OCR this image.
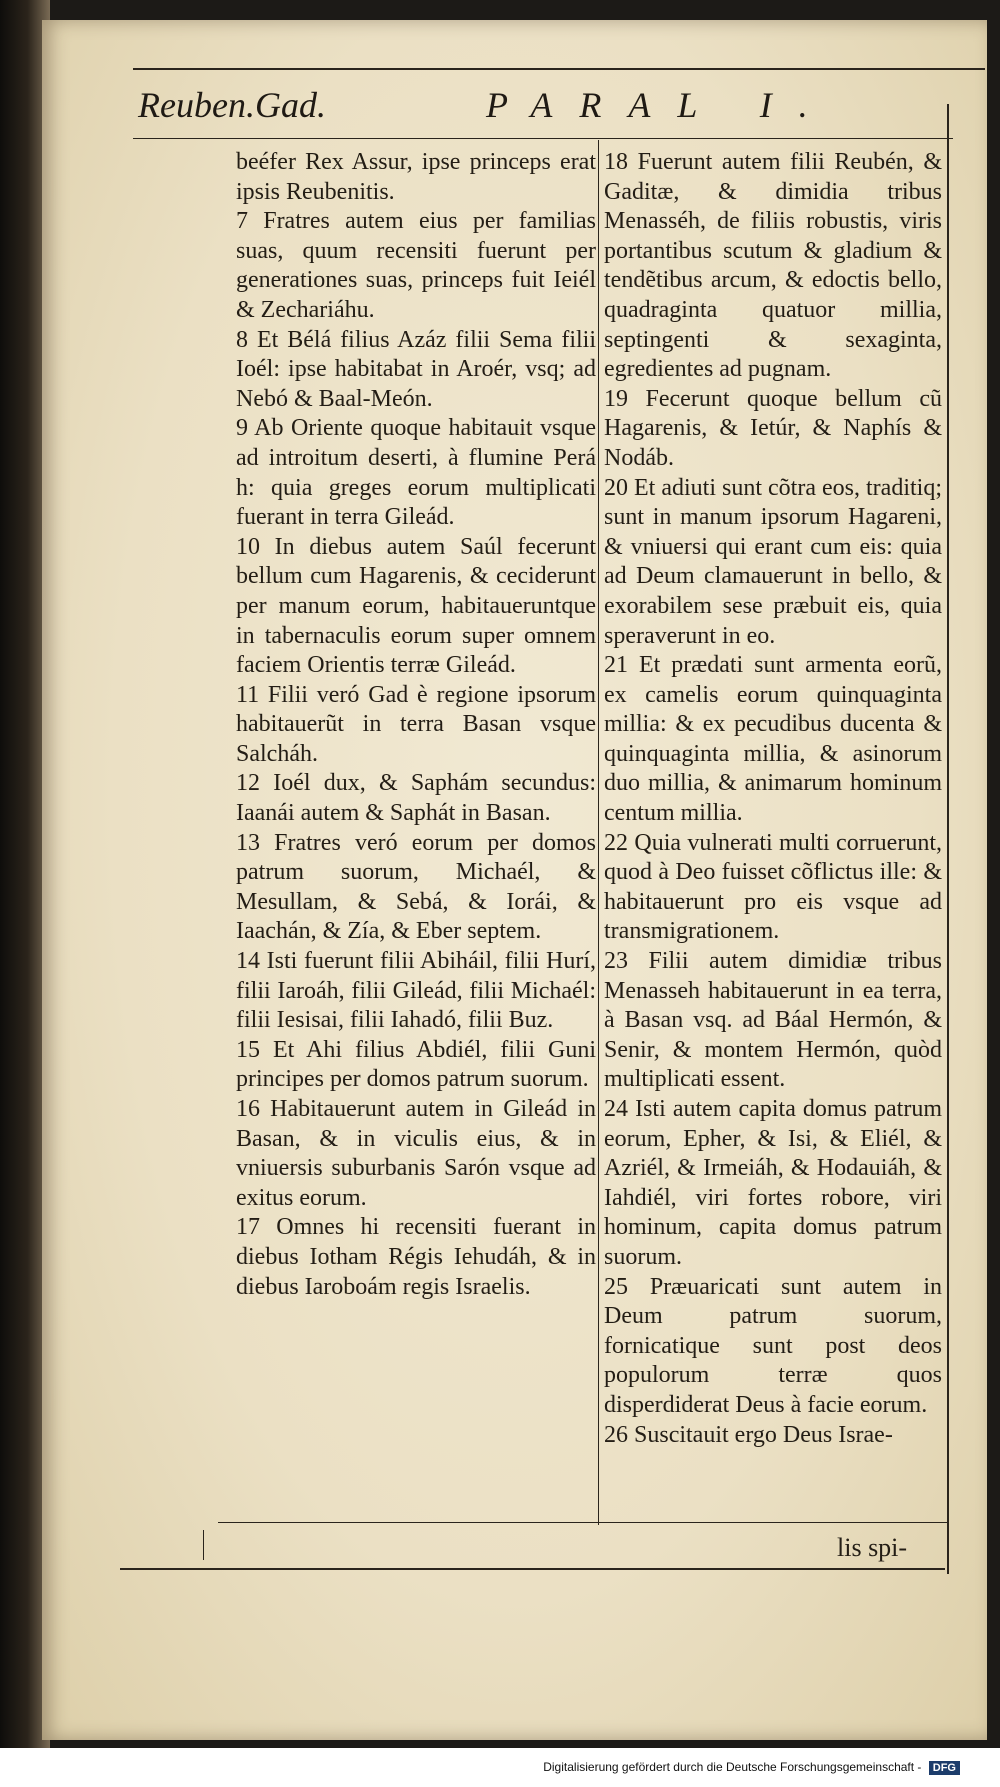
Reuben.Gad.	PARAL I.

beéfer Rex Assur, ipse princeps erat ipsis Reubenitis.

7 Fratres autem eius per familias suas, quum recensiti fuerunt per generationes suas, princeps fuit Ieiél & Zechariáhu.

8 Et Bélá filius Azáz filii Sema filii Ioél: ipse habitabat in Aroér, vsq; ad Nebó & Baal-Meón.

9 Ab Oriente quoque habitauit vsque ad introitum deserti, à flumine Perá h: quia greges eorum multiplicati fuerant in terra Gileád.

10 In diebus autem Saúl fecerunt bellum cum Hagarenis, & ceciderunt per manum eorum, habitaueruntque in tabernaculis eorum super omnem faciem Orientis terræ Gileád.

11 Filii veró Gad è regione ipsorum habitauerũt in terra Basan vsque Salcháh.

12 Ioél dux, & Saphám secundus: Iaanái autem & Saphát in Basan.

13 Fratres veró eorum per domos patrum suorum, Michaél, & Mesullam, & Sebá, & Iorái, & Iaachán, & Zía, & Eber septem.

14 Isti fuerunt filii Abiháil, filii Hurí, filii Iaroáh, filii Gileád, filii Michaél: filii Iesisai, filii Iahadó, filii Buz.

15 Et Ahi filius Abdiél, filii Guni principes per domos patrum suorum.

16 Habitauerunt autem in Gileád in Basan, & in viculis eius, & in vniuersis suburbanis Sarón vsque ad exitus eorum.

17 Omnes hi recensiti fuerant in diebus Iotham Régis Iehudáh, & in diebus Iaroboám regis Israelis.

18 Fuerunt autem filii Reubén, & Gaditæ, & dimidia tribus Menasséh, de filiis robustis, viris portantibus scutum & gladium & tendẽtibus arcum, & edoctis bello, quadraginta quatuor millia, septingenti & sexaginta, egredientes ad pugnam.

19 Fecerunt quoque bellum cũ Hagarenis, & Ietúr, & Naphís & Nodáb.

20 Et adiuti sunt cõtra eos, traditiq; sunt in manum ipsorum Hagareni, & vniuersi qui erant cum eis: quia ad Deum clamauerunt in bello, & exorabilem sese præbuit eis, quia speraverunt in eo.

21 Et prædati sunt armenta eorũ, ex camelis eorum quinquaginta millia: & ex pecudibus ducenta & quinquaginta millia, & asinorum duo millia, & animarum hominum centum millia.

22 Quia vulnerati multi corruerunt, quod à Deo fuisset cõflictus ille: & habitauerunt pro eis vsque ad transmigrationem.

23 Filii autem dimidiæ tribus Menasseh habitauerunt in ea terra, à Basan vsq. ad Báal Hermón, & Senir, & montem Hermón, quòd multiplicati essent.

24 Isti autem capita domus patrum eorum, Epher, & Isi, & Eliél, & Azriél, & Irmeiáh, & Hodauiáh, & Iahdiél, viri fortes robore, viri hominum, capita domus patrum suorum.

25 Præuaricati sunt autem in Deum patrum suorum, fornicatique sunt post deos populorum terræ quos disperdiderat Deus à facie eorum.

26 Suscitauit ergo Deus Israe-

lis spi-
Digitalisierung gefördert durch die Deutsche Forschungsgemeinschaft - DFG
